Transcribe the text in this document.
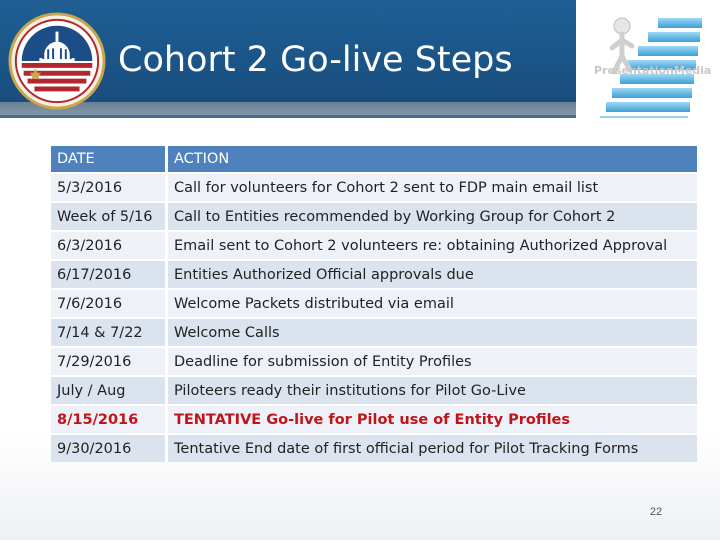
Cohort 2 Go-live Steps	PresentationMedia
DATE	ACTION
5/3/2016	Call for volunteers for Cohort 2 sent to FDP main email list
Week of 5/16	Call to Entities recommended by Working Group for Cohort 2
6/3/2016	Email sent to Cohort 2 volunteers re: obtaining Authorized Approval
6/17/2016	Entities Authorized Official approvals due
7/6/2016	Welcome Packets distributed via email
7/14 & 7/22	Welcome Calls
7/29/2016	Deadline for submission of Entity Profiles
July / Aug	Piloteers ready their institutions for Pilot Go-Live
8/15/2016	TENTATIVE Go-live for Pilot use of Entity Profiles
9/30/2016	Tentative End date of first official period for Pilot Tracking Forms
22
